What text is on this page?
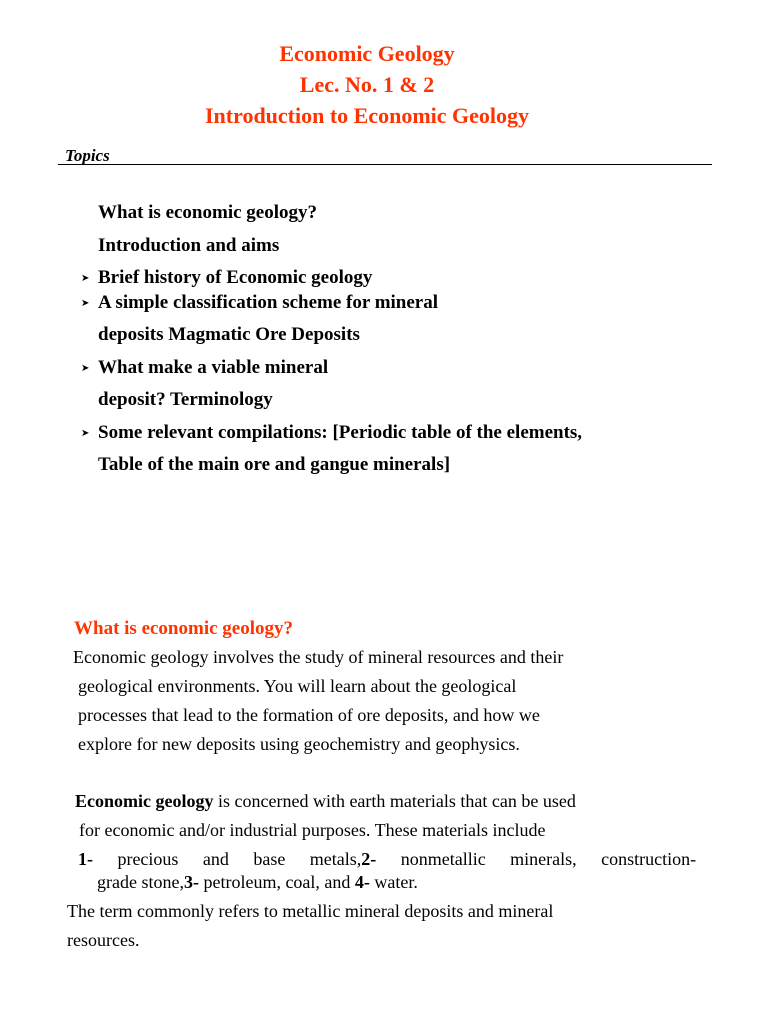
Economic Geology
Lec. No. 1 & 2
Introduction to Economic Geology
Topics
What is economic geology?
Introduction and aims
➤ Brief history of Economic geology
➤ A simple classification scheme for mineral
deposits Magmatic Ore Deposits
➤ What make a viable mineral
deposit? Terminology
➤ Some relevant compilations: [Periodic table of the elements,
Table of the main ore and gangue minerals]
What is economic geology?
Economic geology involves the study of mineral resources and their
geological environments. You will learn about the geological
processes that lead to the formation of ore deposits, and how we
explore for new deposits using geochemistry and geophysics.
Economic geology is concerned with earth materials that can be used
for economic and/or industrial purposes. These materials include
1- precious and base metals,2- nonmetallic minerals, construction-
grade stone,3- petroleum, coal, and 4- water.
The term commonly refers to metallic mineral deposits and mineral
resources.
